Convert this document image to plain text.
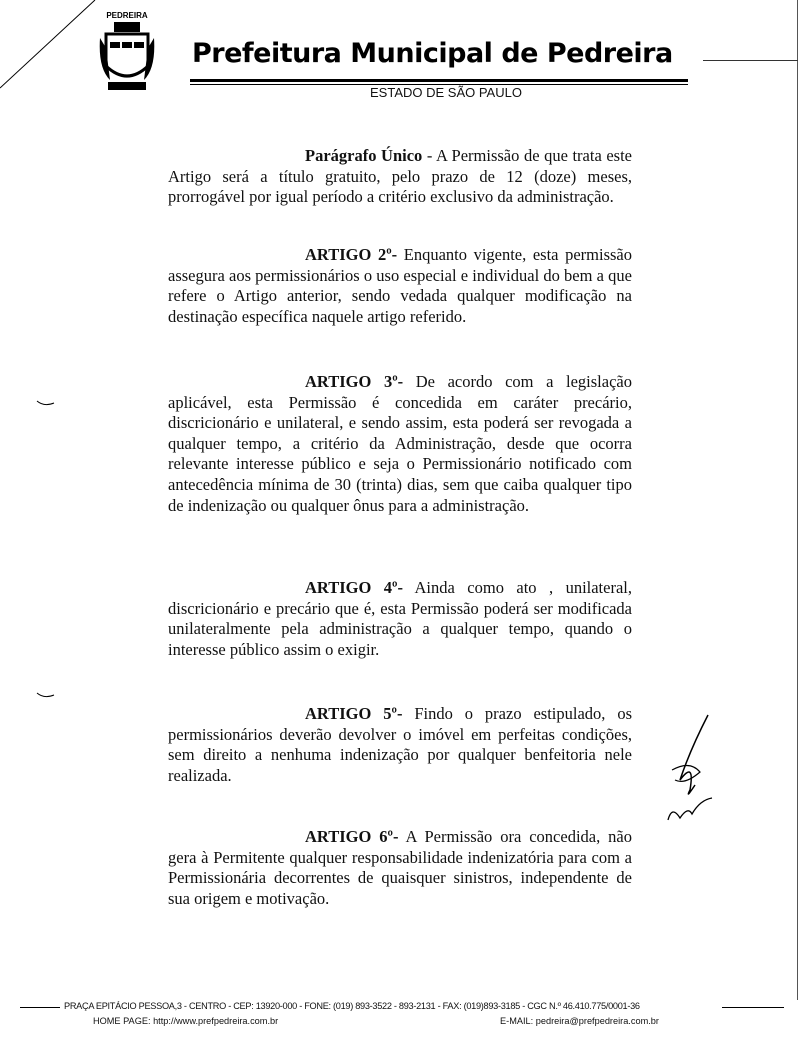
PEDREIRA
Prefeitura Municipal de Pedreira
ESTADO DE SÃO PAULO
Parágrafo Único - A Permissão de que trata este Artigo será a título gratuito, pelo prazo de 12 (doze) meses, prorrogável por igual período a critério exclusivo da administração.
ARTIGO 2º- Enquanto vigente, esta permissão assegura aos permissionários o uso especial e individual do bem a que refere o Artigo anterior, sendo vedada qualquer modificação na destinação específica naquele artigo referido.
ARTIGO 3º- De acordo com a legislação aplicável, esta Permissão é concedida em caráter precário, discricionário e unilateral, e sendo assim, esta poderá ser revogada a qualquer tempo, a critério da Administração, desde que ocorra relevante interesse público e seja o Permissionário notificado com antecedência mínima de 30 (trinta) dias, sem que caiba qualquer tipo de indenização ou qualquer ônus para a administração.
ARTIGO 4º- Ainda como ato , unilateral, discricionário e precário que é, esta Permissão poderá ser modificada unilateralmente pela administração a qualquer tempo, quando o interesse público assim o exigir.
ARTIGO 5º- Findo o prazo estipulado, os permissionários deverão devolver o imóvel em perfeitas condições, sem direito a nenhuma indenização por qualquer benfeitoria nele realizada.
ARTIGO 6º- A Permissão ora concedida, não gera à Permitente qualquer responsabilidade indenizatória para com a Permissionária decorrentes de quaisquer sinistros, independente de sua origem e motivação.
PRAÇA EPITÁCIO PESSOA,3 - CENTRO - CEP: 13920-000 - FONE: (019) 893-3522 - 893-2131 - FAX: (019)893-3185 - CGC N.º 46.410.775/0001-36
HOME PAGE: http://www.prefpedreira.com.br	E-MAIL: pedreira@prefpedreira.com.br
